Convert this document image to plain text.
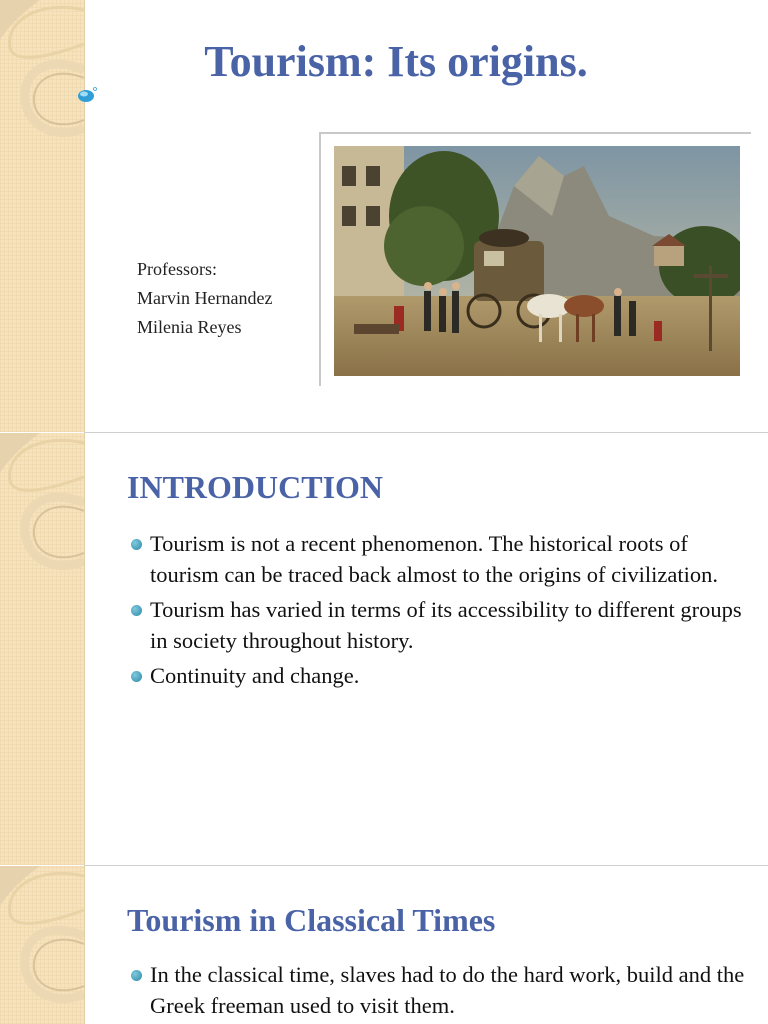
Tourism: Its origins.
Professors:
Marvin Hernandez
Milenia Reyes
INTRODUCTION
Tourism is not a recent phenomenon. The historical roots of tourism can be traced back almost to the origins of civilization.
Tourism has varied in terms of its accessibility to different groups in society throughout history.
Continuity and change.
Tourism in Classical Times
In the classical time, slaves had to do the hard work, build and the Greek freeman used to visit them.
